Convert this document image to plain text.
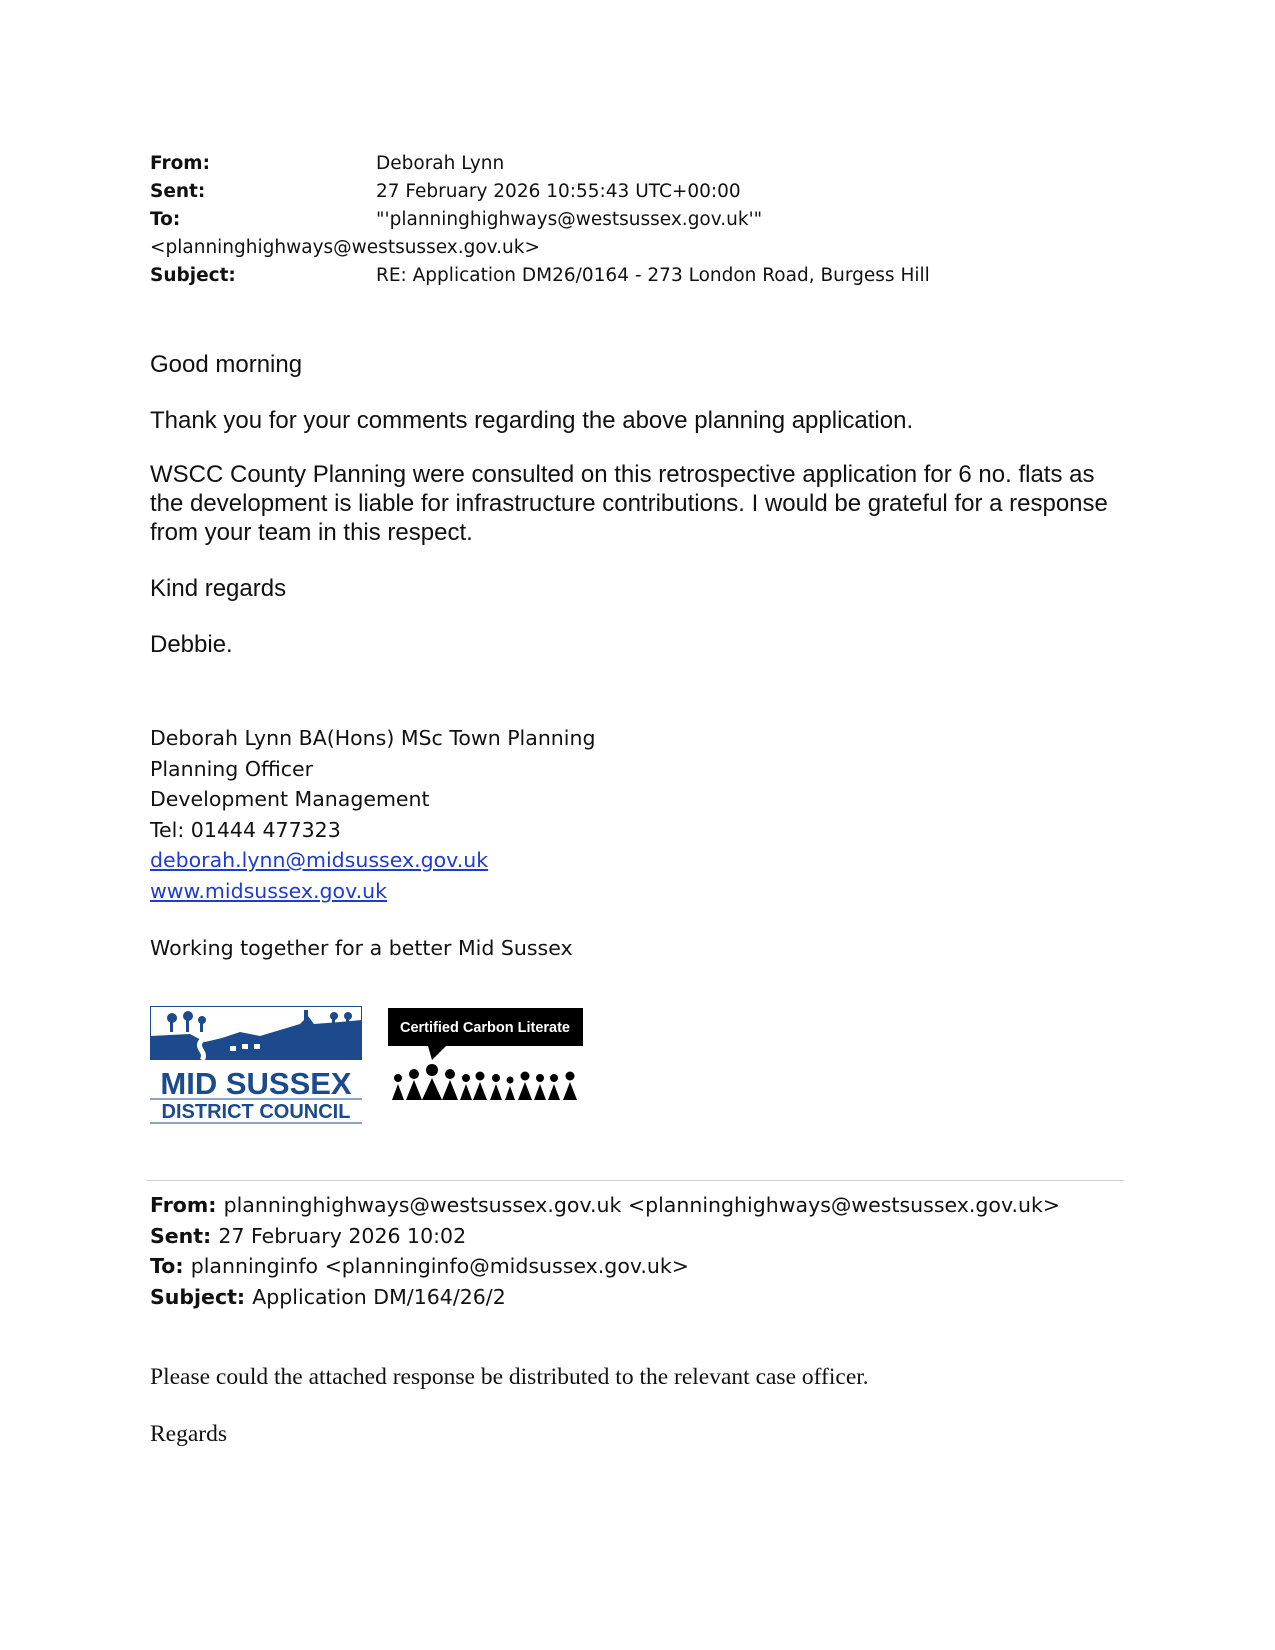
From:	Deborah Lynn
Sent:	27 February 2026 10:55:43 UTC+00:00
To:	"'planninghighways@westsussex.gov.uk'"
<planninghighways@westsussex.gov.uk>
Subject:	RE: Application DM26/0164 - 273 London Road, Burgess Hill

Good morning

Thank you for your comments regarding the above planning application.

WSCC County Planning were consulted on this retrospective application for 6 no. flats as the development is liable for infrastructure contributions. I would be grateful for a response from your team in this respect.

Kind regards

Debbie.

Deborah Lynn BA(Hons) MSc Town Planning
Planning Officer
Development Management
Tel: 01444 477323
deborah.lynn@midsussex.gov.uk
www.midsussex.gov.uk
Working together for a better Mid Sussex
MID SUSSEX
DISTRICT COUNCIL
Certified Carbon Literate
From: planninghighways@westsussex.gov.uk <planninghighways@westsussex.gov.uk>
Sent: 27 February 2026 10:02
To: planninginfo <planninginfo@midsussex.gov.uk>
Subject: Application DM/164/26/2

Please could the attached response be distributed to the relevant case officer.

Regards
